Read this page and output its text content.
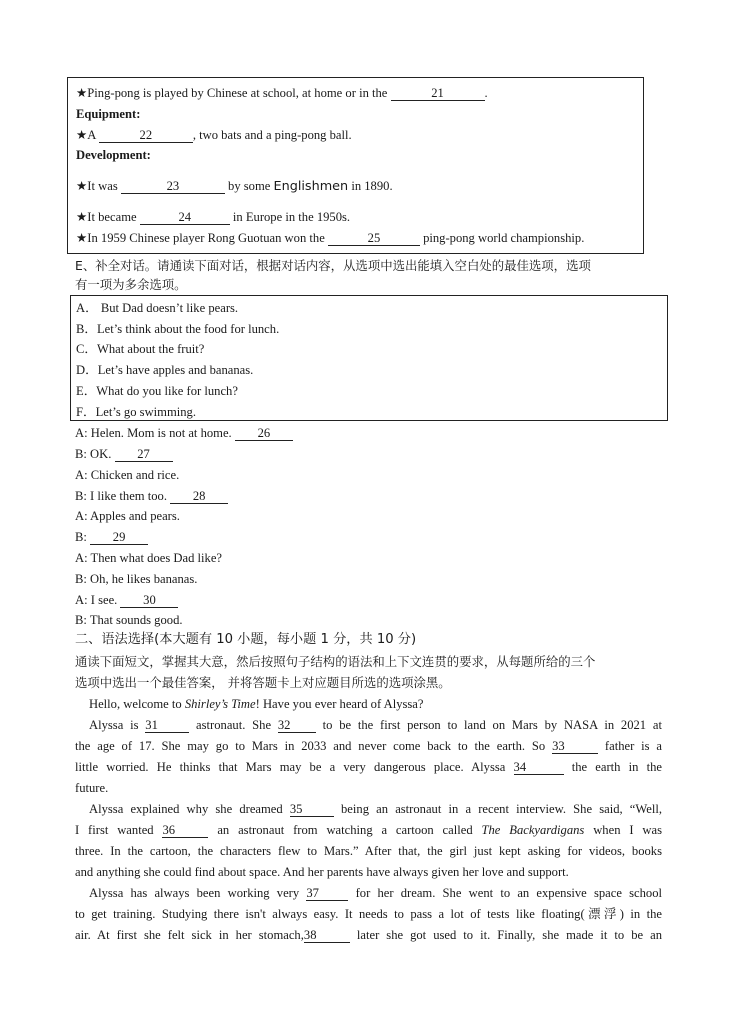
★Ping-pong is played by Chinese at school, at home or in the	21	.
Equipment:
★A	22	, two bats and a ping-pong ball.
Development:
★It was	23	by some Englishmen in 1890.
★It became	24	in Europe in the 1950s.
★In 1959 Chinese player Rong Guotuan won the	25	ping-pong world championship.
E、补全对话。请通读下面对话，根据对话内容，从选项中选出能填入空白处的最佳选项，选项
有一项为多余选项。
A． But Dad doesn’t like pears.
B．Let’s think about the food for lunch.
C．What about the fruit?
D．Let’s have apples and bananas.
E．What do you like for lunch?
F．Let’s go swimming.
A: Helen. Mom is not at home. 26
B: OK. 27
A: Chicken and rice.
B: I like them too. 28
A: Apples and pears.
B: 29
A: Then what does Dad like?
B: Oh, he likes bananas.
A: I see. 30
B: That sounds good.
二、语法选择(本大题有 10 小题，每小题 1 分，共 10 分)
通读下面短文，掌握其大意，然后按照句子结构的语法和上下文连贯的要求，从每题所给的三个
选项中选出一个最佳答案， 并将答题卡上对应题目所选的选项涂黑。
Hello, welcome to Shirley’s Time! Have you ever heard of Alyssa?
Alyssa is 31 astronaut. She 32 to be the first person to land on Mars by NASA in 2021 at
the age of 17. She may go to Mars in 2033 and never come back to the earth. So 33	father is a
little worried. He thinks that Mars may be a very dangerous place. Alyssa 34	the earth in the
future.
Alyssa explained why she dreamed 35 being an astronaut in a recent interview. She said, “Well,
I first wanted 36	an astronaut from watching a cartoon called The Backyardigans when I was
three. In the cartoon, the characters flew to Mars.” After that, the girl just kept asking for videos, books
and anything she could find about space. And her parents have always given her love and support.
Alyssa has always been working very 37 for her dream. She went to an expensive space school
to get training. Studying there isn't always easy. It needs to pass a lot of tests like floating(漂浮) in the
air. At first she felt sick in her stomach,38	later she got used to it. Finally, she made it to be an
